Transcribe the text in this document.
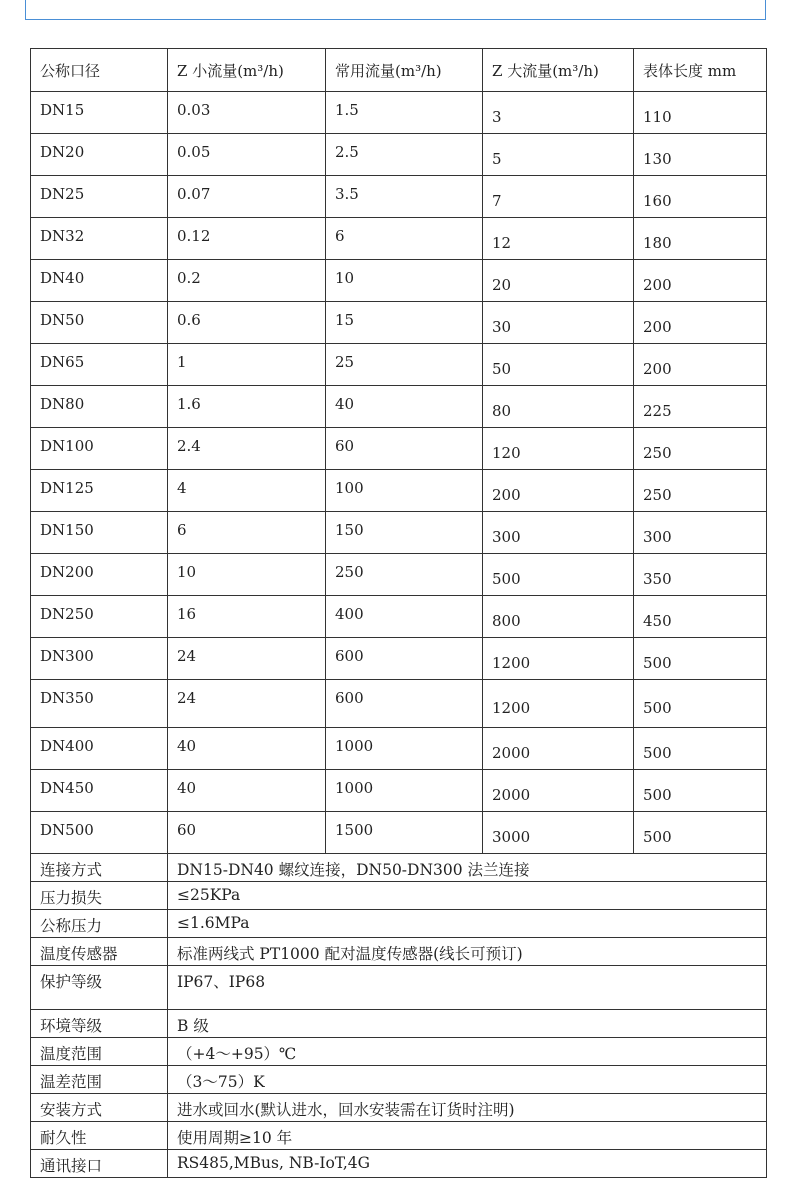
公称口径	Z 小流量(m³/h)	常用流量(m³/h)	Z 大流量(m³/h)	表体长度 mm
DN15	0.03	1.5	3	110
DN20	0.05	2.5	5	130
DN25	0.07	3.5	7	160
DN32	0.12	6	12	180
DN40	0.2	10	20	200
DN50	0.6	15	30	200
DN65	1	25	50	200
DN80	1.6	40	80	225
DN100	2.4	60	120	250
DN125	4	100	200	250
DN150	6	150	300	300
DN200	10	250	500	350
DN250	16	400	800	450
DN300	24	600	1200	500
DN350	24	600	1200	500
DN400	40	1000	2000	500
DN450	40	1000	2000	500
DN500	60	1500	3000	500
连接方式	DN15-DN40 螺纹连接，DN50-DN300 法兰连接			
压力损失	≤25KPa			
公称压力	≤1.6MPa			
温度传感器	标准两线式 PT1000 配对温度传感器(线长可预订)			
保护等级	IP67、IP68			
环境等级	B 级			
温度范围	（+4～+95）℃			
温差范围	（3～75）K			
安装方式	进水或回水(默认进水，回水安装需在订货时注明)			
耐久性	使用周期≥10 年			
通讯接口	RS485,MBus, NB-IoT,4G			
